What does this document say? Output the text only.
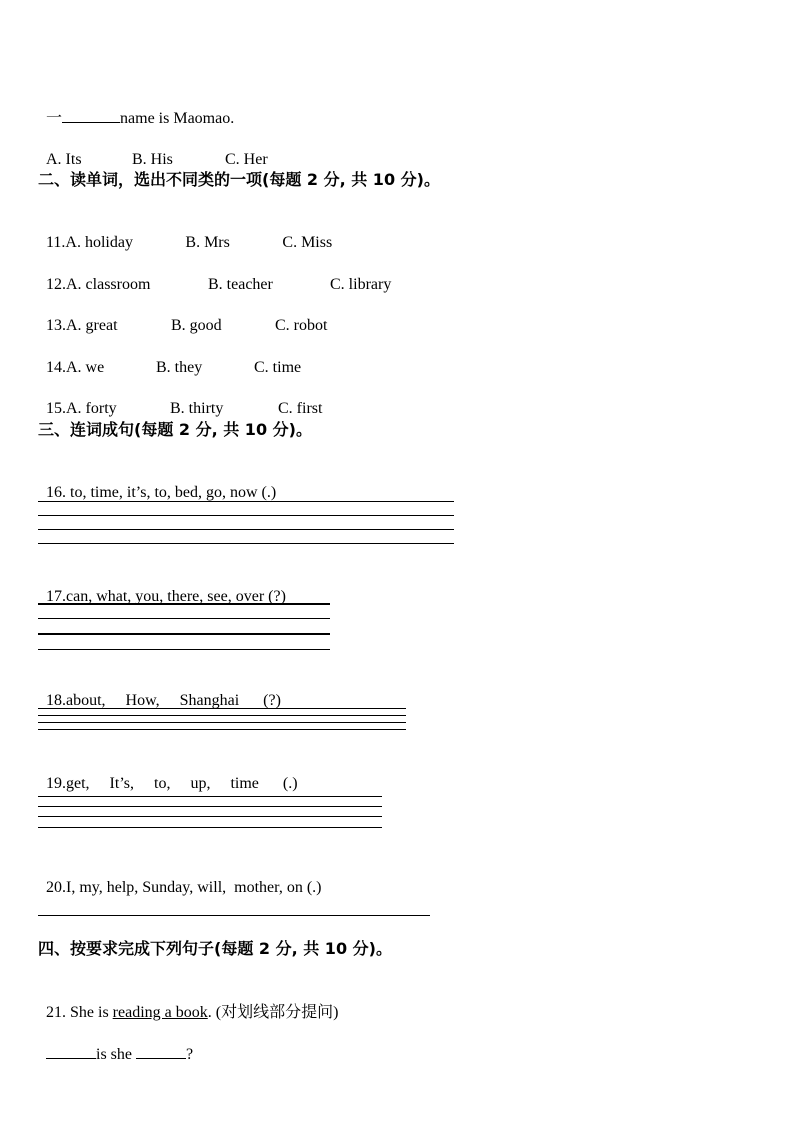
一	name is Maomao.

A. Its	B. His	C. Her

二、读单词，选出不同类的一项(每题 2 分, 共 10 分)。

11.A. holiday	B. Mrs	C. Miss

12.A. classroom	B. teacher	C. library

13.A. great	B. good	C. robot

14.A. we	B. they	C. time

15.A. forty	B. thirty	C. first

三、连词成句(每题 2 分, 共 10 分)。

16. to, time, it’s, to, bed, go, now (.)

17.can, what, you, there, see, over (?)

18.about,     How,     Shanghai      (?)

19.get,     It’s,     to,     up,     time      (.)

20.I, my, help, Sunday, will,  mother, on (.)

四、按要求完成下列句子(每题 2 分, 共 10 分)。

21. She is reading a book. (对划线部分提问)

is she	?
